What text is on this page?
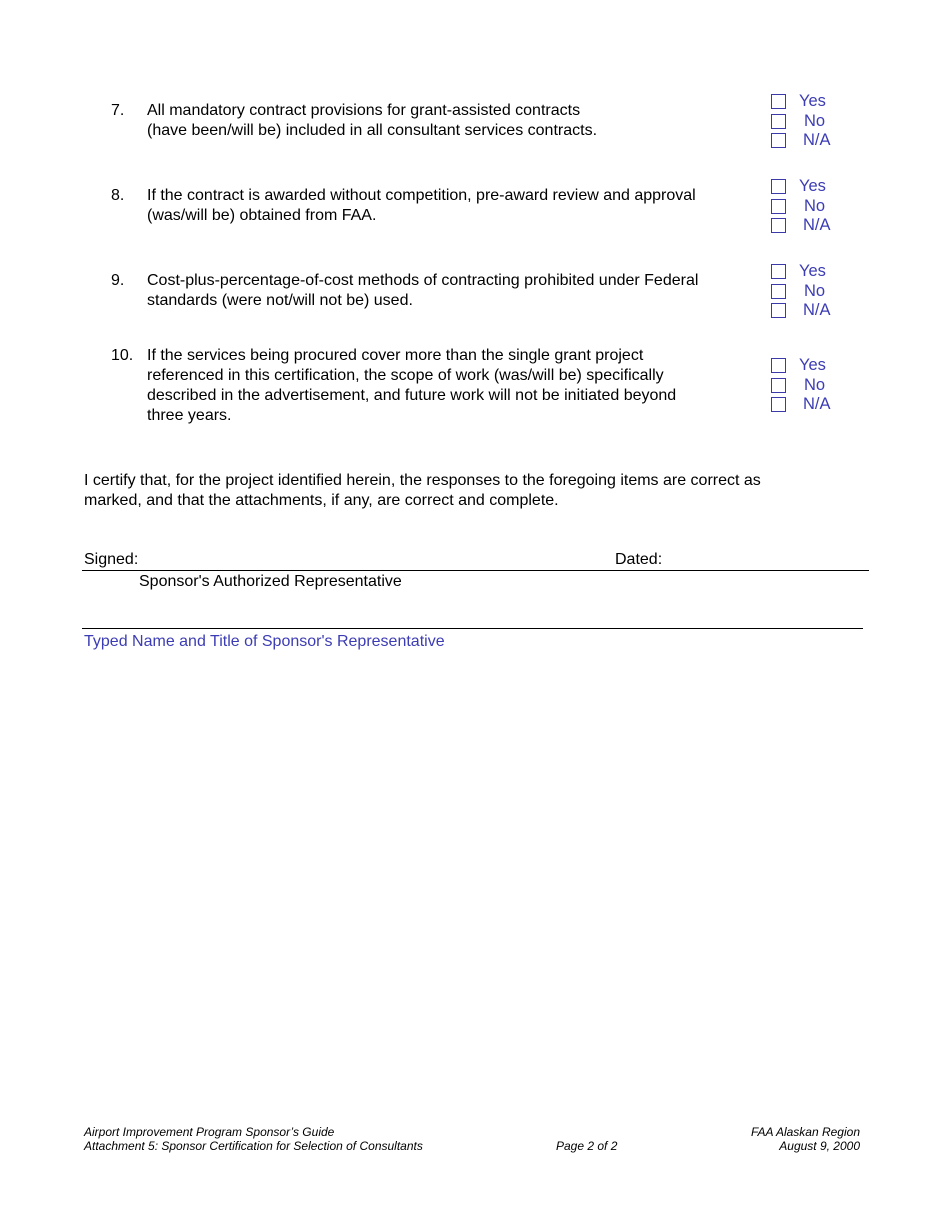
7. All mandatory contract provisions for grant-assisted contracts
(have been/will be) included in all consultant services contracts.
Yes
No
N/A
8. If the contract is awarded without competition, pre-award review and approval
(was/will be) obtained from FAA.
Yes
No
N/A
9. Cost-plus-percentage-of-cost methods of contracting prohibited under Federal
standards (were not/will not be) used.
Yes
No
N/A
10. If the services being procured cover more than the single grant project
referenced in this certification, the scope of work (was/will be) specifically
described in the advertisement, and future work will not be initiated beyond
three years.
Yes
No
N/A
I certify that, for the project identified herein, the responses to the foregoing items are correct as
marked, and that the attachments, if any, are correct and complete.
Signed:	Dated:
Sponsor's Authorized Representative
Typed Name and Title of Sponsor's Representative
Airport Improvement Program Sponsor’s Guide
Attachment 5: Sponsor Certification for Selection of Consultants	Page 2 of 2
FAA Alaskan Region
August 9, 2000
